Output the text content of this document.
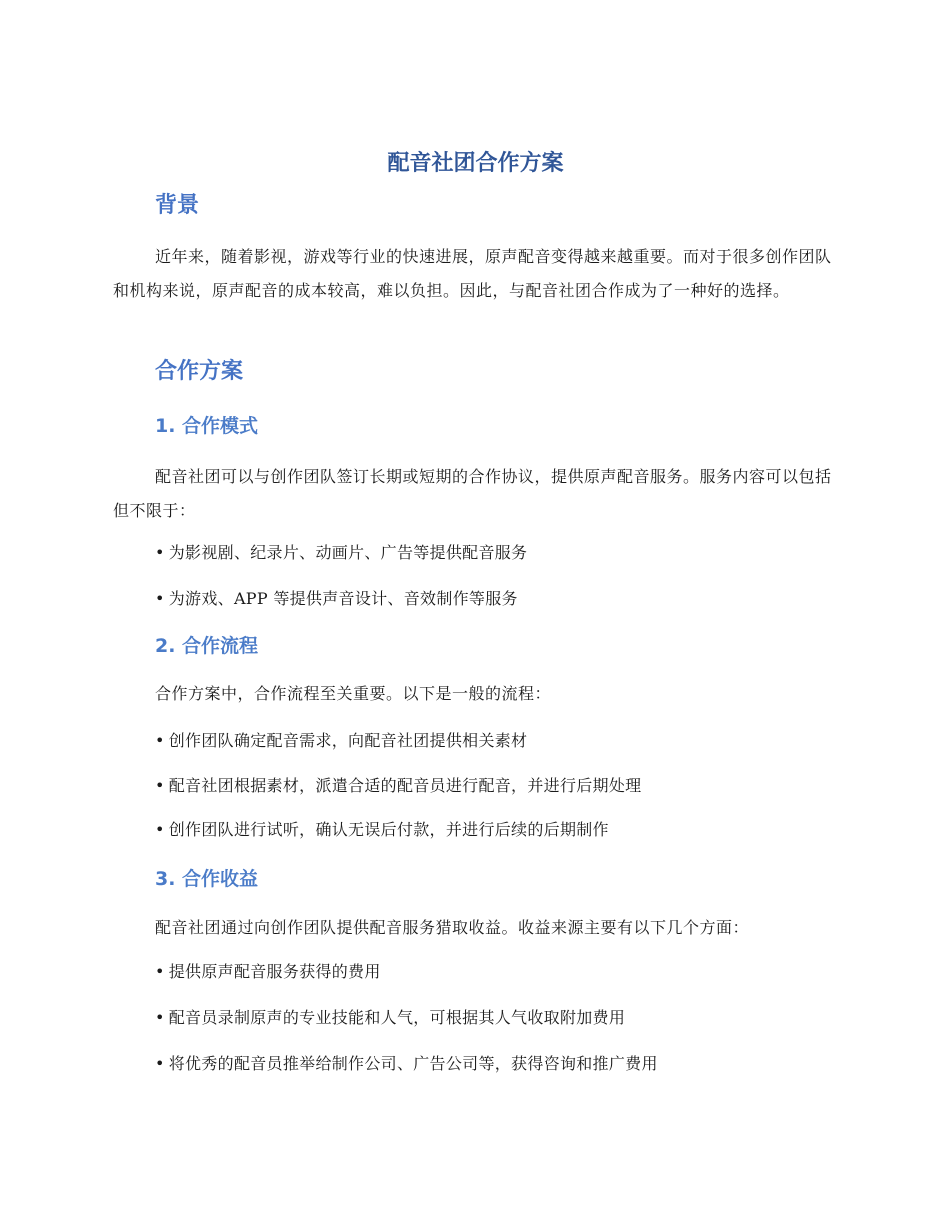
配音社团合作方案
背景

近年来，随着影视，游戏等行业的快速进展，原声配音变得越来越重要。而对于很多创作团队和机构来说，原声配音的成本较高，难以负担。因此，与配音社团合作成为了一种好的选择。

合作方案
1. 合作模式

配音社团可以与创作团队签订长期或短期的合作协议，提供原声配音服务。服务内容可以包括但不限于：

• 为影视剧、纪录片、动画片、广告等提供配音服务

• 为游戏、APP 等提供声音设计、音效制作等服务

2. 合作流程

合作方案中，合作流程至关重要。以下是一般的流程：

• 创作团队确定配音需求，向配音社团提供相关素材

• 配音社团根据素材，派遣合适的配音员进行配音，并进行后期处理

• 创作团队进行试听，确认无误后付款，并进行后续的后期制作

3. 合作收益

配音社团通过向创作团队提供配音服务猎取收益。收益来源主要有以下几个方面：

• 提供原声配音服务获得的费用

• 配音员录制原声的专业技能和人气，可根据其人气收取附加费用

• 将优秀的配音员推举给制作公司、广告公司等，获得咨询和推广费用
